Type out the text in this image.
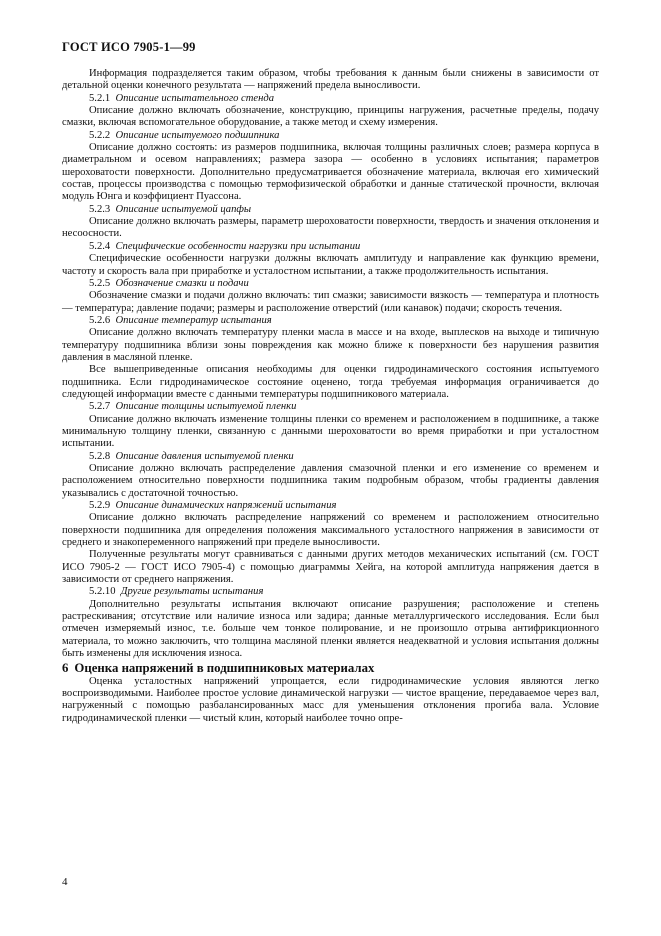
ГОСТ ИСО 7905-1—99

Информация подразделяется таким образом, чтобы требования к данным были снижены в зависимости от детальной оценки конечного результата — напряжений предела выносливости.

5.2.1 Описание испытательного стенда

Описание должно включать обозначение, конструкцию, принципы нагружения, расчетные пределы, подачу смазки, включая вспомогательное оборудование, а также метод и схему измерения.

5.2.2 Описание испытуемого подшипника

Описание должно состоять: из размеров подшипника, включая толщины различных слоев; размера корпуса в диаметральном и осевом направлениях; размера зазора — особенно в условиях испытания; параметров шероховатости поверхности. Дополнительно предусматривается обозначение материала, включая его химический состав, процессы производства с помощью термофизической обработки и данные статической прочности, включая модуль Юнга и коэффициент Пуассона.

5.2.3 Описание испытуемой цапфы

Описание должно включать размеры, параметр шероховатости поверхности, твердость и значения отклонения и несоосности.

5.2.4 Специфические особенности нагрузки при испытании

Специфические особенности нагрузки должны включать амплитуду и направление как функцию времени, частоту и скорость вала при приработке и усталостном испытании, а также продолжительность испытания.

5.2.5 Обозначение смазки и подачи

Обозначение смазки и подачи должно включать: тип смазки; зависимости вязкость — температура и плотность — температура; давление подачи; размеры и расположение отверстий (или канавок) подачи; скорость течения.

5.2.6 Описание температур испытания

Описание должно включать температуру пленки масла в массе и на входе, выплесков на выходе и типичную температуру подшипника вблизи зоны повреждения как можно ближе к поверхности без нарушения развития давления в масляной пленке.

Все вышеприведенные описания необходимы для оценки гидродинамического состояния испытуемого подшипника. Если гидродинамическое состояние оценено, тогда требуемая информация ограничивается до следующей информации вместе с данными температуры подшипникового материала.

5.2.7 Описание толщины испытуемой пленки

Описание должно включать изменение толщины пленки со временем и расположением в подшипнике, а также минимальную толщину пленки, связанную с данными шероховатости во время приработки и при усталостном испытании.

5.2.8 Описание давления испытуемой пленки

Описание должно включать распределение давления смазочной пленки и его изменение со временем и расположением относительно поверхности подшипника таким подробным образом, чтобы градиенты давления указывались с достаточной точностью.

5.2.9 Описание динамических напряжений испытания

Описание должно включать распределение напряжений со временем и расположением относительно поверхности подшипника для определения положения максимального усталостного напряжения в зависимости от среднего и знакопеременного напряжений при пределе выносливости.

Полученные результаты могут сравниваться с данными других методов механических испытаний (см. ГОСТ ИСО 7905-2 — ГОСТ ИСО 7905-4) с помощью диаграммы Хейга, на которой амплитуда напряжения дается в зависимости от среднего напряжения.

5.2.10 Другие результаты испытания

Дополнительно результаты испытания включают описание разрушения; расположение и степень растрескивания; отсутствие или наличие износа или задира; данные металлургического исследования. Если был отмечен измеряемый износ, т.е. больше чем тонкое полирование, и не произошло отрыва антифрикционного материала, то можно заключить, что толщина масляной пленки является неадекватной и условия испытания должны быть изменены для исключения износа.

6 Оценка напряжений в подшипниковых материалах

Оценка усталостных напряжений упрощается, если гидродинамические условия являются легко воспроизводимыми. Наиболее простое условие динамической нагрузки — чистое вращение, передаваемое через вал, нагруженный с помощью разбалансированных масс для уменьшения отклонения прогиба вала. Условие гидродинамической пленки — чистый клин, который наиболее точно опре-

4
